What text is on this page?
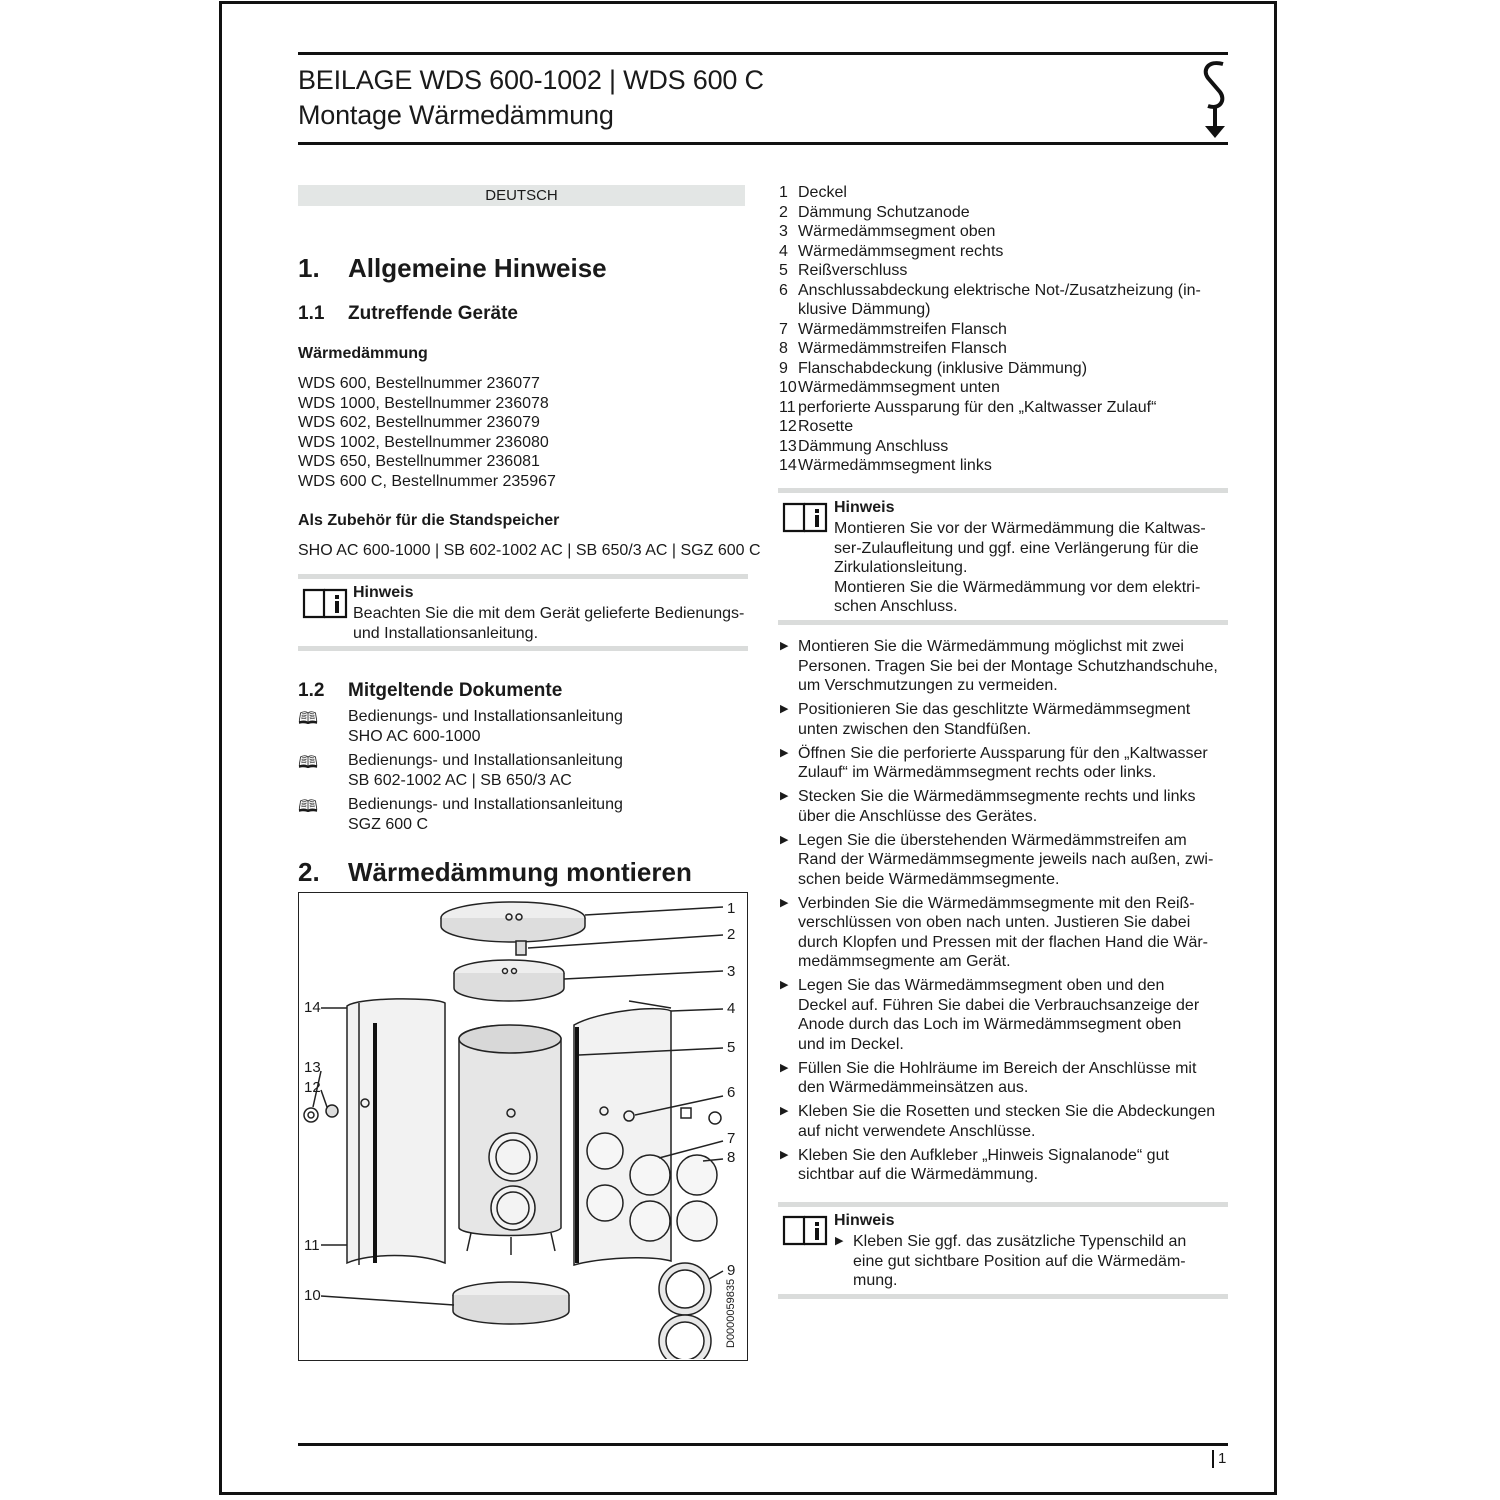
BEILAGE WDS 600-1002 | WDS 600 C
Montage Wärmedämmung
DEUTSCH
1. Allgemeine Hinweise
1.1 Zutreffende Geräte
Wärmedämmung
WDS 600, Bestellnummer 236077
WDS 1000, Bestellnummer 236078
WDS 602, Bestellnummer 236079
WDS 1002, Bestellnummer 236080
WDS 650, Bestellnummer 236081
WDS 600 C, Bestellnummer 235967
Als Zubehör für die Standspeicher
SHO AC 600-1000 | SB 602-1002 AC | SB 650/3 AC | SGZ 600 C
Hinweis
Beachten Sie die mit dem Gerät gelieferte Bedienungs-
und Installationsanleitung.
1.2 Mitgeltende Dokumente
🕮 Bedienungs- und Installationsanleitung
SHO AC 600-1000
🕮 Bedienungs- und Installationsanleitung
SB 602-1002 AC | SB 650/3 AC
🕮 Bedienungs- und Installationsanleitung
SGZ 600 C
2. Wärmedämmung montieren
1
2
3
4
5
6
7
8
9
10
11
12
13
14
D0000059835
1 Deckel
2 Dämmung Schutzanode
3 Wärmedämmsegment oben
4 Wärmedämmsegment rechts
5 Reißverschluss
6 Anschlussabdeckung elektrische Not-/Zusatzheizung (in-
klusive Dämmung)
7 Wärmedämmstreifen Flansch
8 Wärmedämmstreifen Flansch
9 Flanschabdeckung (inklusive Dämmung)
10 Wärmedämmsegment unten
11 perforierte Aussparung für den „Kaltwasser Zulauf“
12 Rosette
13 Dämmung Anschluss
14 Wärmedämmsegment links
Hinweis
Montieren Sie vor der Wärmedämmung die Kaltwas-
ser-Zulaufleitung und ggf. eine Verlängerung für die
Zirkulationsleitung.
Montieren Sie die Wärmedämmung vor dem elektri-
schen Anschluss.
▶ Montieren Sie die Wärmedämmung möglichst mit zwei
Personen. Tragen Sie bei der Montage Schutzhandschuhe,
um Verschmutzungen zu vermeiden.
▶ Positionieren Sie das geschlitzte Wärmedämmsegment
unten zwischen den Standfüßen.
▶ Öffnen Sie die perforierte Aussparung für den „Kaltwasser
Zulauf“ im Wärmedämmsegment rechts oder links.
▶ Stecken Sie die Wärmedämmsegmente rechts und links
über die Anschlüsse des Gerätes.
▶ Legen Sie die überstehenden Wärmedämmstreifen am
Rand der Wärmedämmsegmente jeweils nach außen, zwi-
schen beide Wärmedämmsegmente.
▶ Verbinden Sie die Wärmedämmsegmente mit den Reiß-
verschlüssen von oben nach unten. Justieren Sie dabei
durch Klopfen und Pressen mit der flachen Hand die Wär-
medämmsegmente am Gerät.
▶ Legen Sie das Wärmedämmsegment oben und den
Deckel auf. Führen Sie dabei die Verbrauchsanzeige der
Anode durch das Loch im Wärmedämmsegment oben
und im Deckel.
▶ Füllen Sie die Hohlräume im Bereich der Anschlüsse mit
den Wärmedämmeinsätzen aus.
▶ Kleben Sie die Rosetten und stecken Sie die Abdeckungen
auf nicht verwendete Anschlüsse.
▶ Kleben Sie den Aufkleber „Hinweis Signalanode“ gut
sichtbar auf die Wärmedämmung.
Hinweis
▶ Kleben Sie ggf. das zusätzliche Typenschild an
eine gut sichtbare Position auf die Wärmedäm-
mung.
1
